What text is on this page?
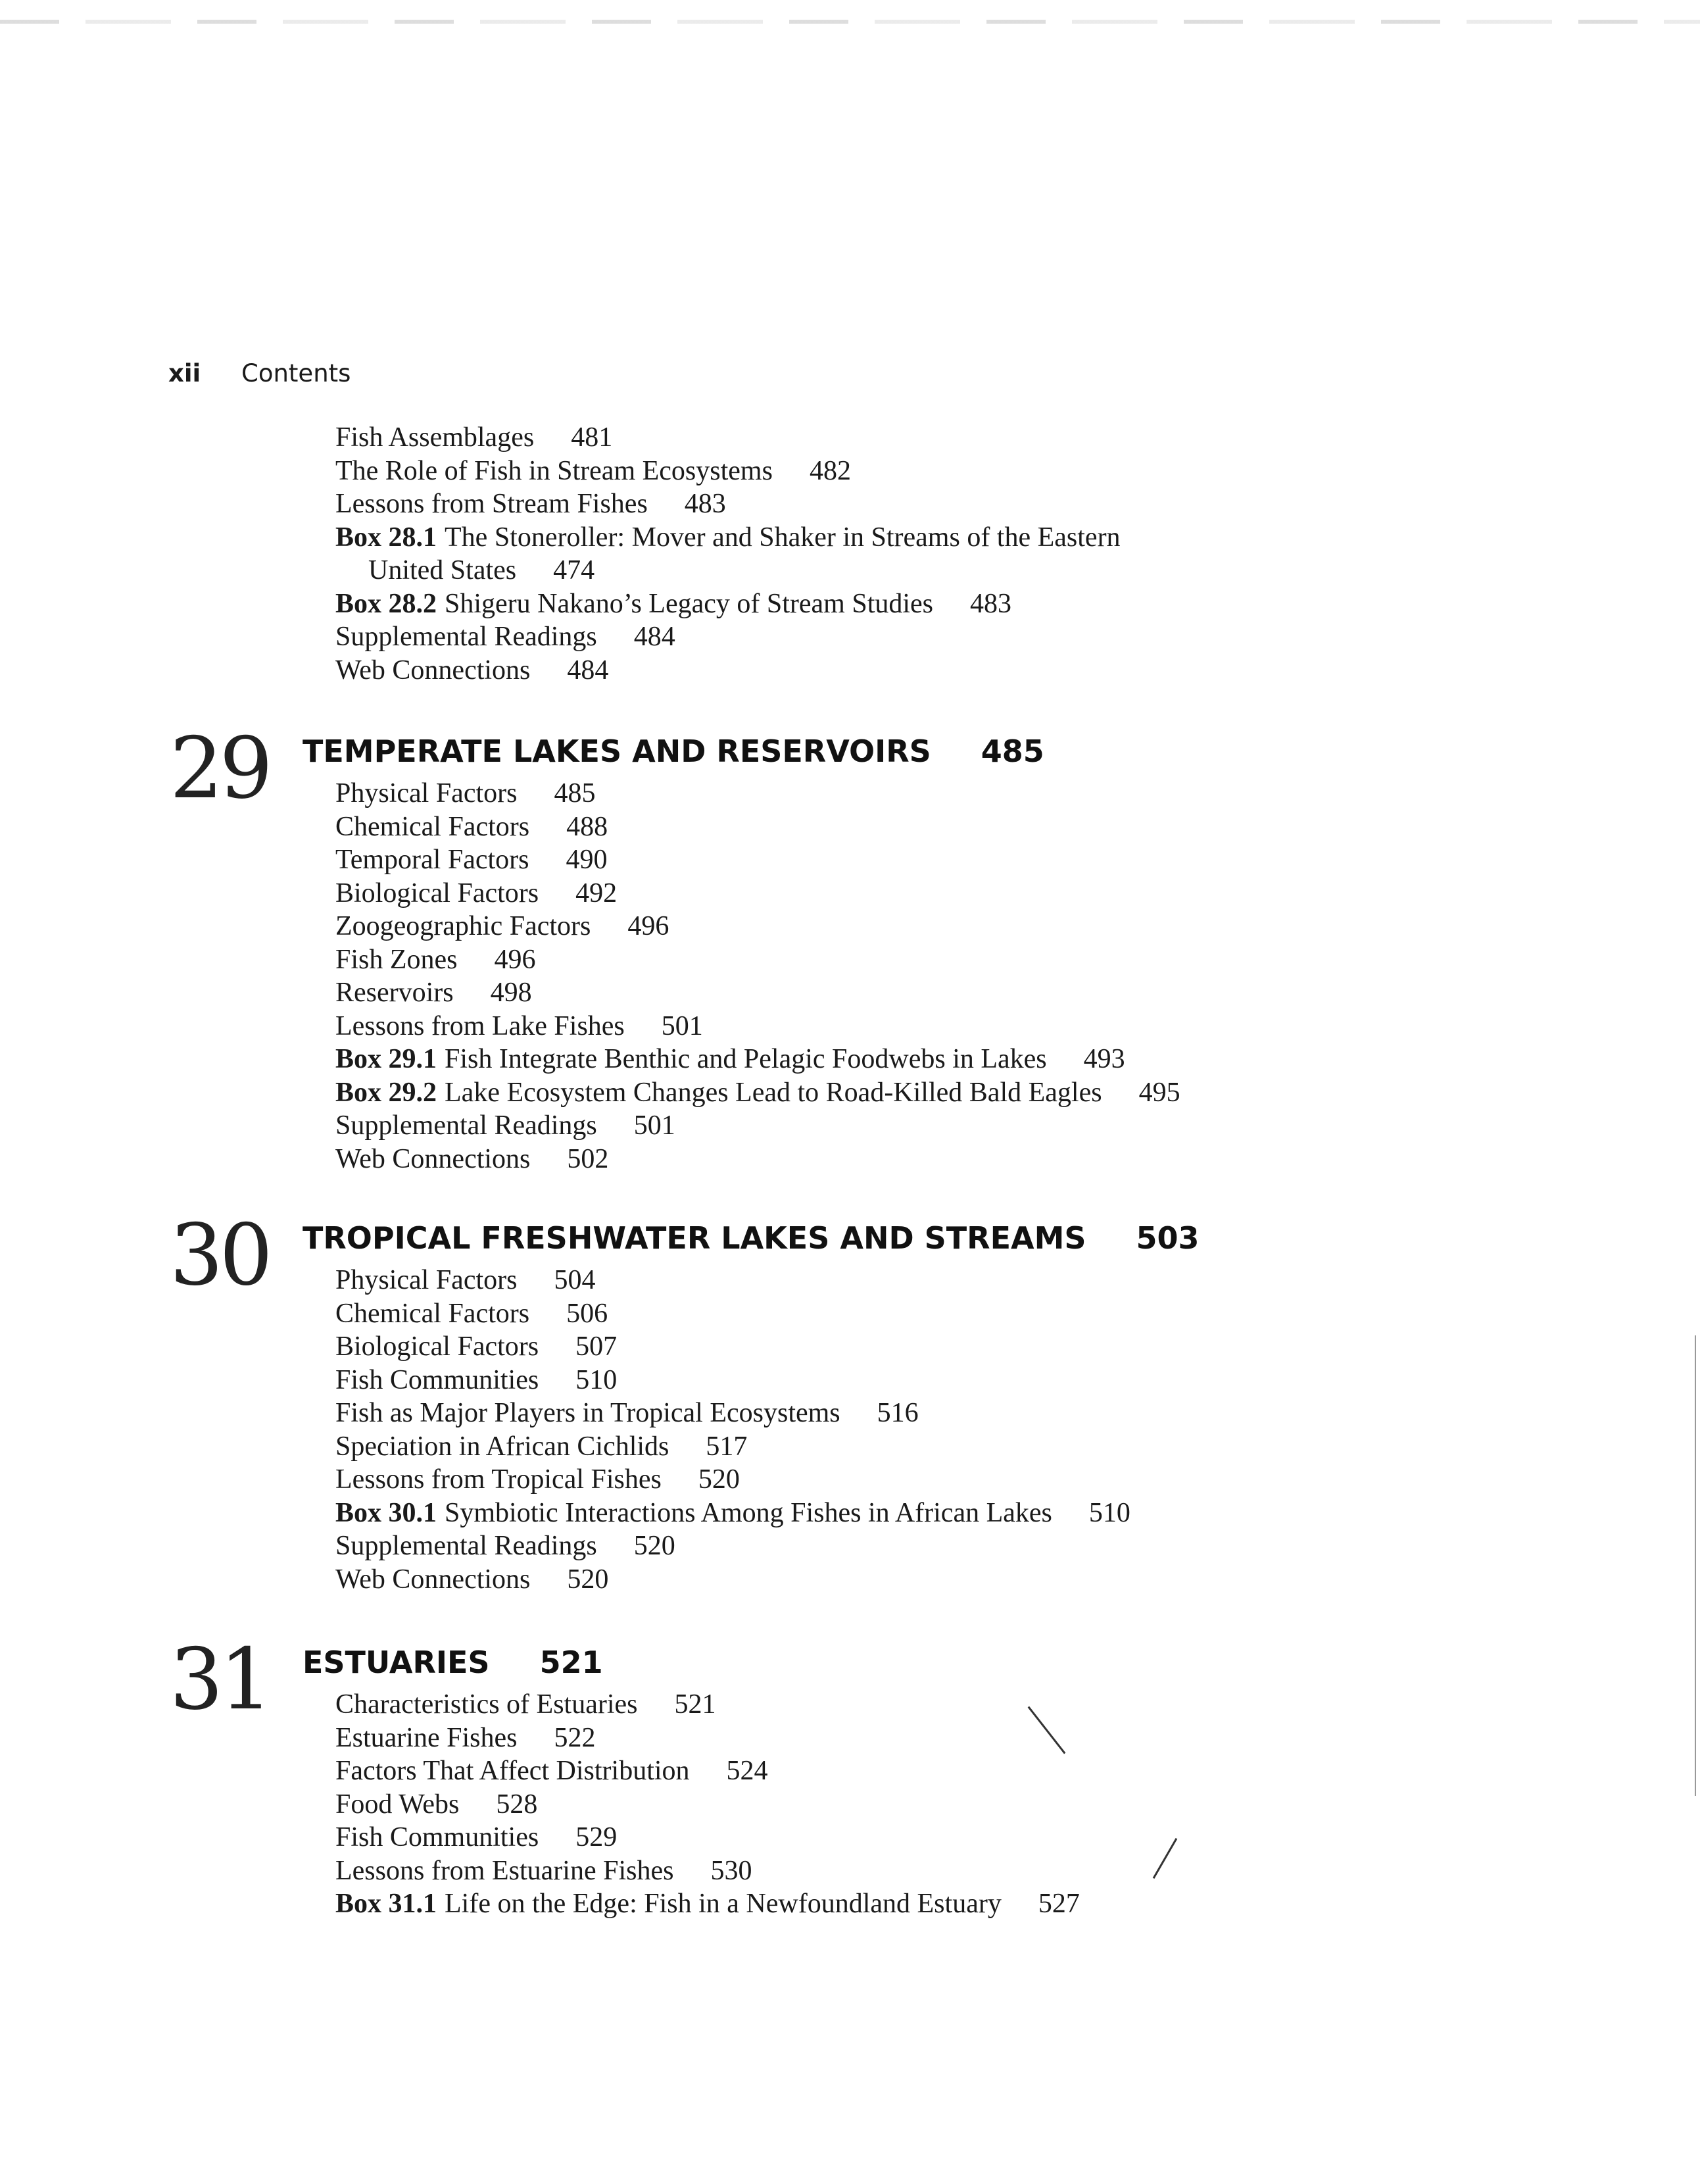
xii Contents
Fish Assemblages 481
The Role of Fish in Stream Ecosystems 482
Lessons from Stream Fishes 483
Box 28.1 The Stoneroller: Mover and Shaker in Streams of the Eastern
United States 474
Box 28.2 Shigeru Nakano’s Legacy of Stream Studies 483
Supplemental Readings 484
Web Connections 484
29 TEMPERATE LAKES AND RESERVOIRS 485
Physical Factors 485
Chemical Factors 488
Temporal Factors 490
Biological Factors 492
Zoogeographic Factors 496
Fish Zones 496
Reservoirs 498
Lessons from Lake Fishes 501
Box 29.1 Fish Integrate Benthic and Pelagic Foodwebs in Lakes 493
Box 29.2 Lake Ecosystem Changes Lead to Road-Killed Bald Eagles 495
Supplemental Readings 501
Web Connections 502
30 TROPICAL FRESHWATER LAKES AND STREAMS 503
Physical Factors 504
Chemical Factors 506
Biological Factors 507
Fish Communities 510
Fish as Major Players in Tropical Ecosystems 516
Speciation in African Cichlids 517
Lessons from Tropical Fishes 520
Box 30.1 Symbiotic Interactions Among Fishes in African Lakes 510
Supplemental Readings 520
Web Connections 520
31 ESTUARIES 521
Characteristics of Estuaries 521
Estuarine Fishes 522
Factors That Affect Distribution 524
Food Webs 528
Fish Communities 529
Lessons from Estuarine Fishes 530
Box 31.1 Life on the Edge: Fish in a Newfoundland Estuary 527
